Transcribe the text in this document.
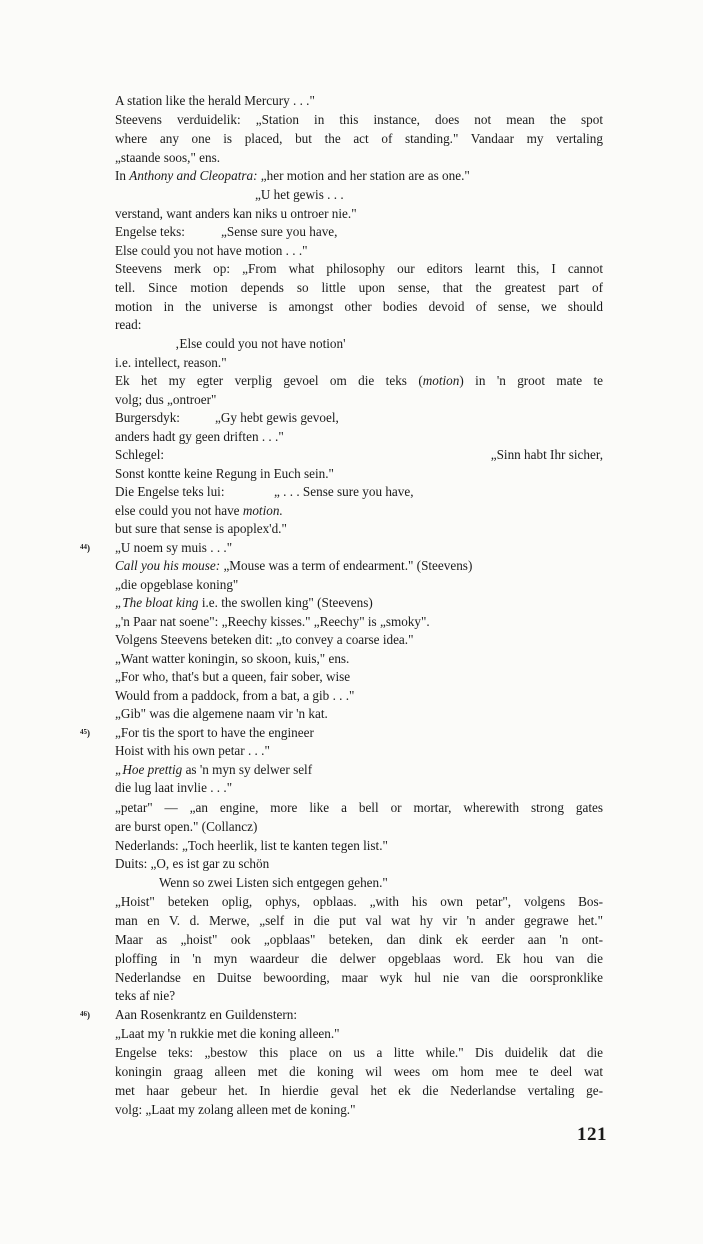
A station like the herald Mercury . . ."
Steevens verduidelik: „Station in this instance, does not mean the spot
where any one is placed, but the act of standing." Vandaar my vertaling
„staande soos," ens.
In Anthony and Cleopatra: „her motion and her station are as one."
„U het gewis . . .
verstand, want anders kan niks u ontroer nie."
Engelse teks:	„Sense sure you have,
Else could you not have motion . . ."
Steevens merk op: „From what philosophy our editors learnt this, I cannot
tell. Since motion depends so little upon sense, that the greatest part of
motion in the universe is amongst other bodies devoid of sense, we should
read:
‚Else could you not have notion'
i.e. intellect, reason."
Ek het my egter verplig gevoel om die teks (motion) in 'n groot mate te
volg; dus „ontroer"
Burgersdyk:	„Gy hebt gewis gevoel,
anders hadt gy geen driften . . ."
Schlegel:	„Sinn habt Ihr sicher,
Sonst kontte keine Regung in Euch sein."
Die Engelse teks lui:	„ . . . Sense sure you have,
else could you not have motion.
but sure that sense is apoplex'd."
$^{44}$) „U noem sy muis . . ."
Call you his mouse: „Mouse was a term of endearment." (Steevens)
„die opgeblase koning"
„The bloat king i.e. the swollen king" (Steevens)
„'n Paar nat soene": „Reechy kisses." „Reechy" is „smoky".
Volgens Steevens beteken dit: „to convey a coarse idea."
„Want watter koningin, so skoon, kuis," ens.
„For who, that's but a queen, fair sober, wise
Would from a paddock, from a bat, a gib . . ."
„Gib" was die algemene naam vir 'n kat.
$^{45}$) „For tis the sport to have the engineer
Hoist with his own petar . . ."
„Hoe prettig as 'n myn sy delwer self
die lug laat invlie . . ."
„petar" — „an engine, more like a bell or mortar, wherewith strong gates
are burst open." (Collancz)
Nederlands: „Toch heerlik, list te kanten tegen list."
Duits: „O, es ist gar zu schön
Wenn so zwei Listen sich entgegen gehen."
„Hoist" beteken oplig, ophys, opblaas. „with his own petar", volgens Bos-
man en V. d. Merwe, „self in die put val wat hy vir 'n ander gegrawe het."
Maar as „hoist" ook „opblaas" beteken, dan dink ek eerder aan 'n ont-
ploffing in 'n myn waardeur die delwer opgeblaas word. Ek hou van die
Nederlandse en Duitse bewoording, maar wyk hul nie van die oorspronklike
teks af nie?
$^{46}$) Aan Rosenkrantz en Guildenstern:
„Laat my 'n rukkie met die koning alleen."
Engelse teks: „bestow this place on us a litte while." Dis duidelik dat die
koningin graag alleen met die koning wil wees om hom mee te deel wat
met haar gebeur het. In hierdie geval het ek die Nederlandse vertaling ge-
volg: „Laat my zolang alleen met de koning."
121
